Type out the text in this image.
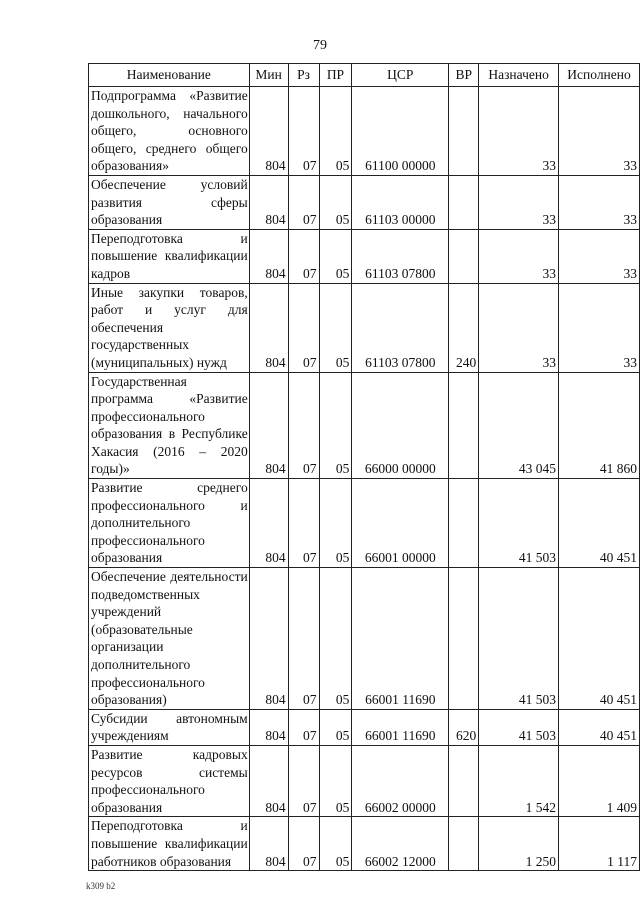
79
Наименование	Мин	Рз	ПР	ЦСР	ВР	Назначено	Исполнено
Подпрограмма «Развитие дошкольного, начального общего, основного общего, среднего общего образования»	804	07	05	61100 00000		33	33
Обеспечение условий развития сферы образования	804	07	05	61103 00000		33	33
Переподготовка и повышение квалификации кадров	804	07	05	61103 07800		33	33
Иные закупки товаров, работ и услуг для обеспечения государственных (муниципальных) нужд	804	07	05	61103 07800	240	33	33
Государственная программа «Развитие профессионального образования в Республике Хакасия (2016 – 2020 годы)»	804	07	05	66000 00000		43 045	41 860
Развитие среднего профессионального и дополнительного профессионального образования	804	07	05	66001 00000		41 503	40 451
Обеспечение деятельности подведомственных учреждений (образовательные организации дополнительного профессионального образования)	804	07	05	66001 11690		41 503	40 451
Субсидии автономным учреждениям	804	07	05	66001 11690	620	41 503	40 451
Развитие кадровых ресурсов системы профессионального образования	804	07	05	66002 00000		1 542	1 409
Переподготовка и повышение квалификации работников образования	804	07	05	66002 12000		1 250	1 117
k309 b2
